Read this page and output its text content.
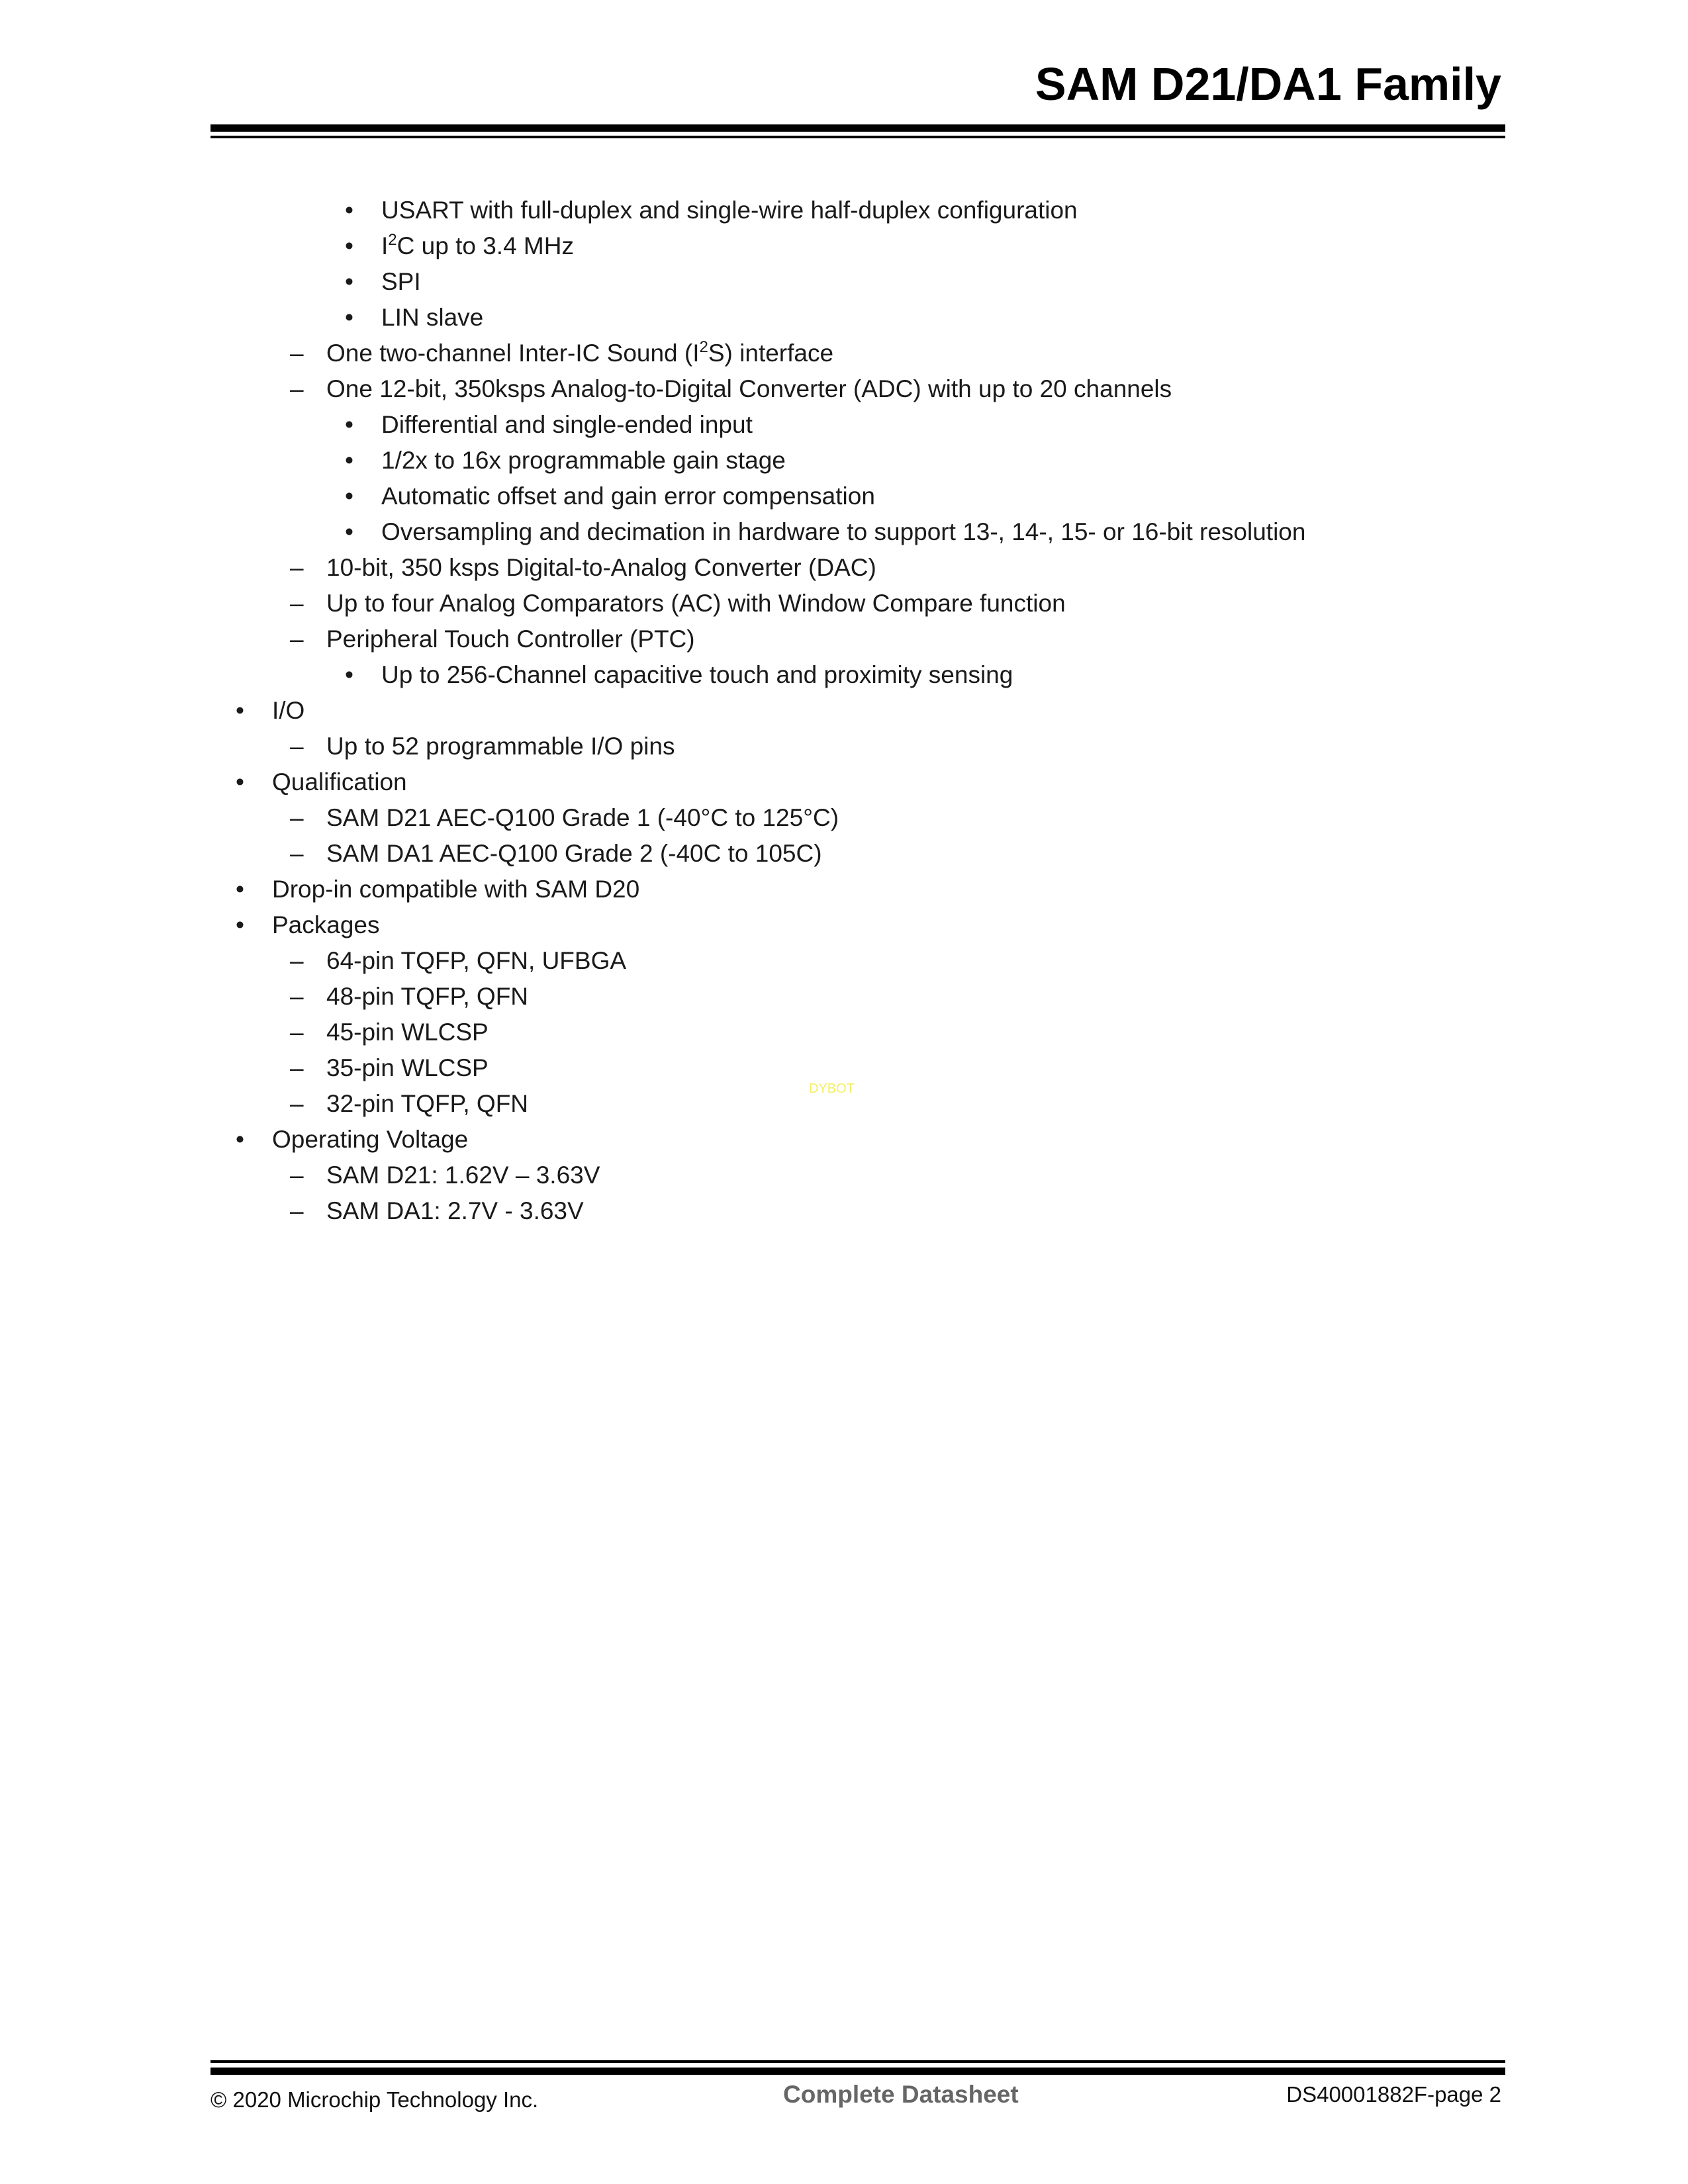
SAM D21/DA1 Family
• USART with full-duplex and single-wire half-duplex configuration
• $I^2C$ up to 3.4 MHz
• SPI
• LIN slave
– One two-channel Inter-IC Sound $(I^2S)$ interface
– One 12-bit, 350ksps Analog-to-Digital Converter (ADC) with up to 20 channels
• Differential and single-ended input
• 1/2x to 16x programmable gain stage
• Automatic offset and gain error compensation
• Oversampling and decimation in hardware to support 13-, 14-, 15- or 16-bit resolution
– 10-bit, 350 ksps Digital-to-Analog Converter (DAC)
– Up to four Analog Comparators (AC) with Window Compare function
– Peripheral Touch Controller (PTC)
• Up to 256-Channel capacitive touch and proximity sensing
• I/O
– Up to 52 programmable I/O pins
• Qualification
– SAM D21 AEC-Q100 Grade 1 (-40°C to 125°C)
– SAM DA1 AEC-Q100 Grade 2 (-40C to 105C)
• Drop-in compatible with SAM D20
• Packages
– 64-pin TQFP, QFN, UFBGA
– 48-pin TQFP, QFN
– 45-pin WLCSP
– 35-pin WLCSP
– 32-pin TQFP, QFN
• Operating Voltage
– SAM D21: 1.62V – 3.63V
– SAM DA1: 2.7V - 3.63V
DYBOT
© 2020 Microchip Technology Inc.	Complete Datasheet	DS40001882F-page 2
